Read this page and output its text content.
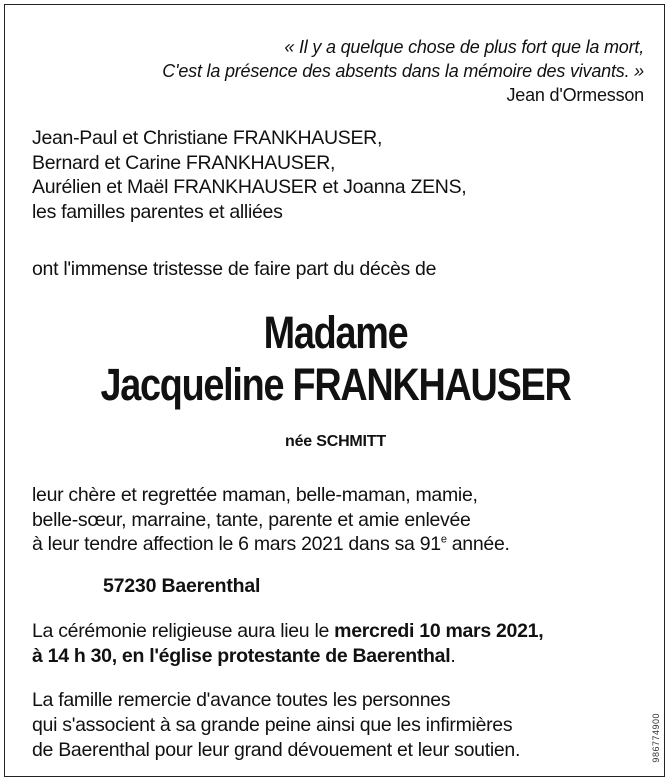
« Il y a quelque chose de plus fort que la mort,
C'est la présence des absents dans la mémoire des vivants. »
Jean d'Ormesson
Jean-Paul et Christiane FRANKHAUSER,
Bernard et Carine FRANKHAUSER,
Aurélien et Maël FRANKHAUSER et Joanna ZENS,
les familles parentes et alliées
ont l'immense tristesse de faire part du décès de
Madame
Jacqueline FRANKHAUSER
née SCHMITT
leur chère et regrettée maman, belle-maman, mamie,
belle-sœur, marraine, tante, parente et amie enlevée
à leur tendre affection le 6 mars 2021 dans sa 91e année.
57230 Baerenthal
La cérémonie religieuse aura lieu le mercredi 10 mars 2021,
à 14 h 30, en l'église protestante de Baerenthal.
La famille remercie d'avance toutes les personnes
qui s'associent à sa grande peine ainsi que les infirmières
de Baerenthal pour leur grand dévouement et leur soutien.	986774900
